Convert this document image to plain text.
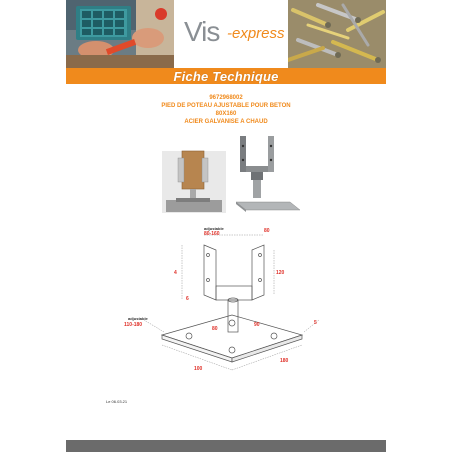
Vis -express
Fiche Technique
9672968002
PIED DE POTEAU AJUSTABLE POUR BETON
80X160
ACIER GALVANISE A CHAUD
adjustable
80-160	80
4	120
6
adjustable
110-180
80
90	5
100
180
Le 06.03.21
